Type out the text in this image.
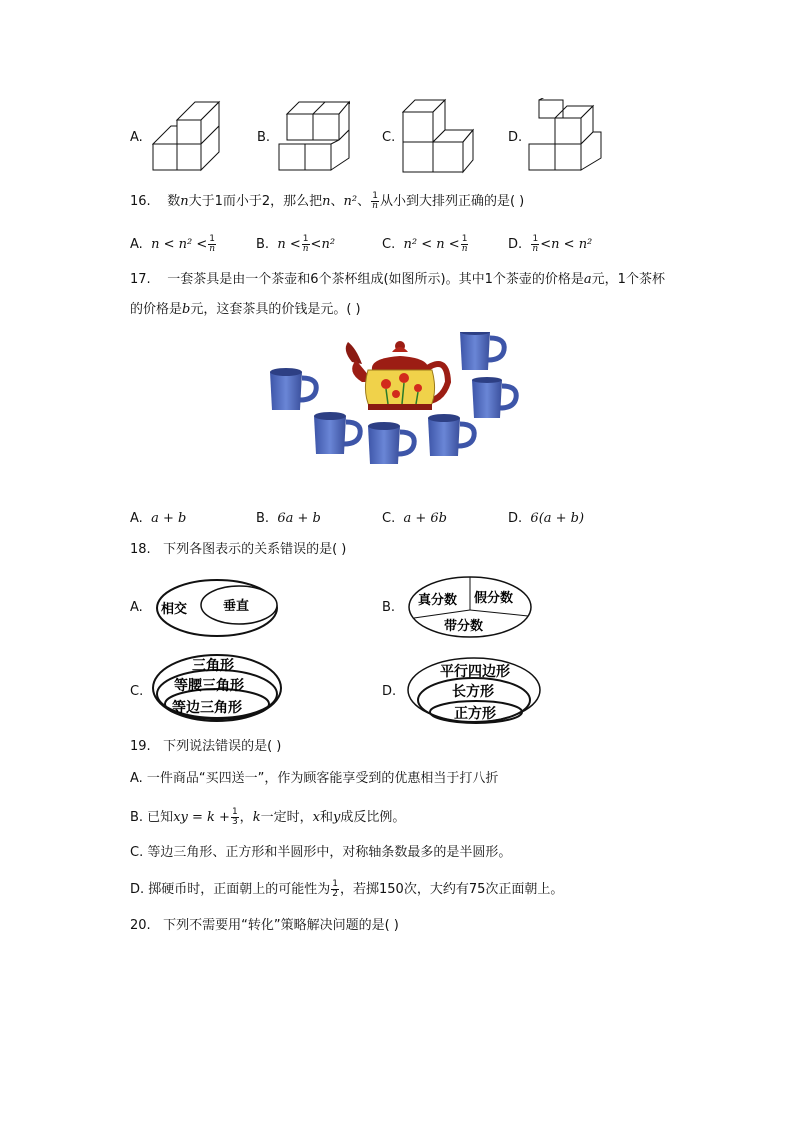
A.	B.	C.	D.
16. 数n大于1而小于2，那么把n、n²、 $\frac{1}{n}$ 从小到大排列正确的是( )
A. $n < n^2 < \frac{1}{n}$	B. $n < \frac{1}{n} <n^2$	C. $n^2 < n < \frac{1}{n}$	D. $\frac{1}{n} <n < n^2$
17. 一套茶具是由一个茶壶和6个茶杯组成(如图所示)。其中1个茶壶的价格是a元，1个茶杯
的价格是b元，这套茶具的价钱是元。( )
A. a + b	B. 6a + b	C. a + 6b	D. 6(a + b)
18. 下列各图表示的关系错误的是( )
A. 相交	垂直	B. 真分数 假分数
带分数
C.
三角形
等腰三角形
等边三角形
D.
平行四边形
长方形
正方形
19. 下列说法错误的是( )
A. 一件商品“买四送一”，作为顾客能享受到的优惠相当于打八折
B. 已知xy = $k + \frac{1}{3}$ ，k一定时，x和y成反比例。
C. 等边三角形、正方形和半圆形中，对称轴条数最多的是半圆形。
D. 掷硬币时，正面朝上的可能性为 $\frac{1}{2}$ ，若掷150次，大约有75次正面朝上。
20. 下列不需要用“转化”策略解决问题的是( )
